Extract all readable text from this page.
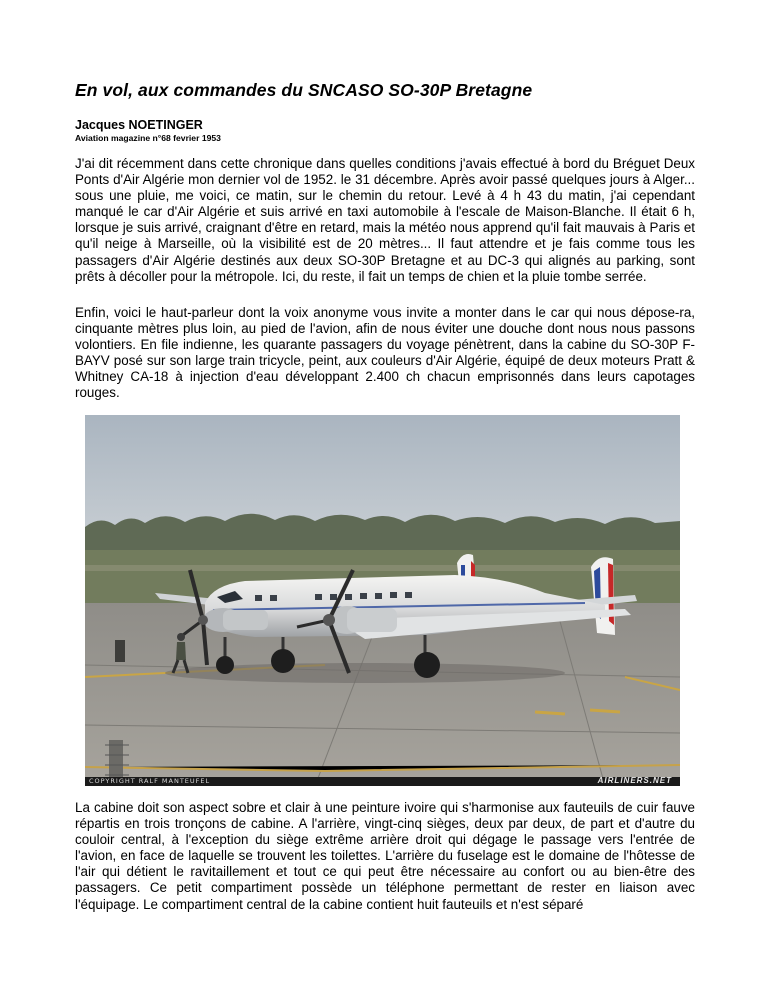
En vol, aux commandes du SNCASO SO-30P Bretagne
Jacques NOETINGER
Aviation magazine n°68 fevrier 1953

J'ai dit récemment dans cette chronique dans quelles conditions j'avais effectué à bord du Bréguet Deux Ponts d'Air Algérie mon dernier vol de 1952. le 31 décembre. Après avoir passé quelques jours à Alger... sous une pluie, me voici, ce matin, sur le chemin du retour. Levé à 4 h 43 du matin, j'ai cependant manqué le car d'Air Algérie et suis arrivé en taxi automobile à l'escale de Maison-Blanche. Il était 6 h, lorsque je suis arrivé, craignant d'être en retard, mais la météo nous apprend qu'il fait mauvais à Paris et qu'il neige à Marseille, où la visibilité est de 20 mètres... Il faut attendre et je fais comme tous les passagers d'Air Algérie destinés aux deux SO-30P Bretagne et au DC-3 qui alignés au parking, sont prêts à décoller pour la métropole. Ici, du reste, il fait un temps de chien et la pluie tombe serrée.

Enfin, voici le haut-parleur dont la voix anonyme vous invite a monter dans le car qui nous dépose-ra, cinquante mètres plus loin, au pied de l'avion, afin de nous éviter une douche dont nous nous passons volontiers. En file indienne, les quarante passagers du voyage pénètrent, dans la cabine du SO-30P F-BAYV posé sur son large train tricycle, peint, aux couleurs d'Air Algérie, équipé de deux moteurs Pratt & Whitney CA-18 à injection d'eau développant 2.400 ch chacun emprisonnés dans leurs capotages rouges.

COPYRIGHT RALF MANTEUFEL	AIRLINERS.NET

La cabine doit son aspect sobre et clair à une peinture ivoire qui s'harmonise aux fauteuils de cuir fauve répartis en trois tronçons de cabine. A l'arrière, vingt-cinq sièges, deux par deux, de part et d'autre du couloir central, à l'exception du siège extrême arrière droit qui dégage le passage vers l'entrée de l'avion, en face de laquelle se trouvent les toilettes. L'arrière du fuselage est le domaine de l'hôtesse de l'air qui détient le ravitaillement et tout ce qui peut être nécessaire au confort ou au bien-être des passagers. Ce petit compartiment possède un téléphone permettant de rester en liaison avec l'équipage. Le compartiment central de la cabine contient huit fauteuils et n'est séparé
